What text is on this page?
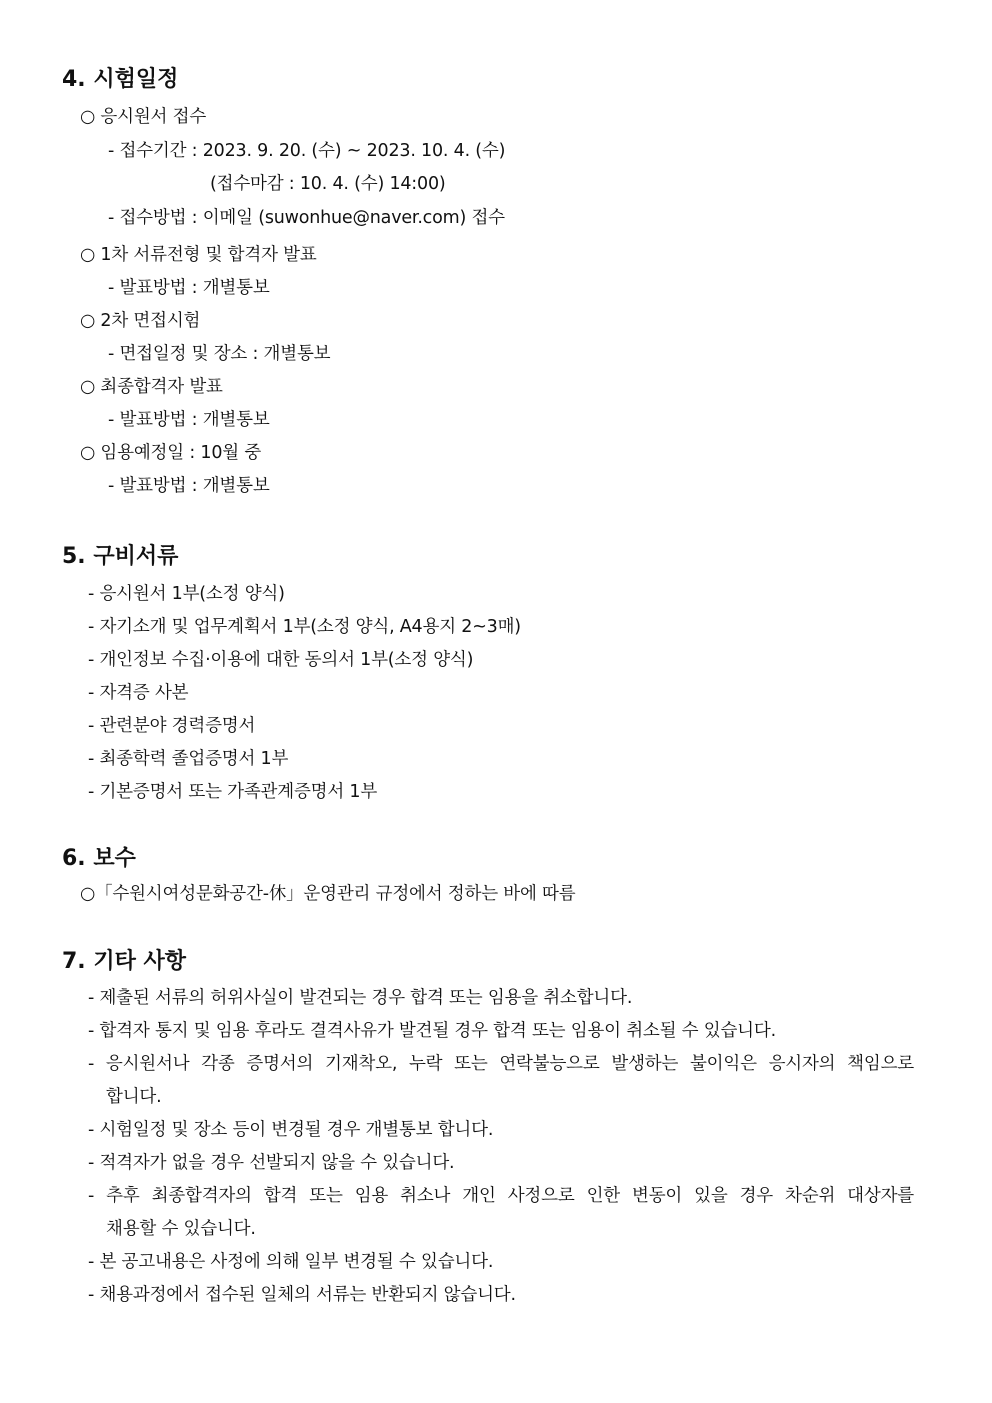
4. 시험일정
○ 응시원서 접수
- 접수기간 : 2023. 9. 20. (수) ~ 2023. 10. 4. (수)
(접수마감 : 10. 4. (수) 14:00)
- 접수방법 : 이메일 (suwonhue@naver.com) 접수
○ 1차 서류전형 및 합격자 발표
- 발표방법 : 개별통보
○ 2차 면접시험
- 면접일정 및 장소 : 개별통보
○ 최종합격자 발표
- 발표방법 : 개별통보
○ 임용예정일 : 10월 중
- 발표방법 : 개별통보
5. 구비서류
- 응시원서 1부(소정 양식)
- 자기소개 및 업무계획서 1부(소정 양식, A4용지 2~3매)
- 개인정보 수집·이용에 대한 동의서 1부(소정 양식)
- 자격증 사본
- 관련분야 경력증명서
- 최종학력 졸업증명서 1부
- 기본증명서 또는 가족관계증명서 1부
6. 보수
○「수원시여성문화공간-休」운영관리 규정에서 정하는 바에 따름
7. 기타 사항
- 제출된 서류의 허위사실이 발견되는 경우 합격 또는 임용을 취소합니다.
- 합격자 통지 및 임용 후라도 결격사유가 발견될 경우 합격 또는 임용이 취소될 수 있습니다.
- 응시원서나 각종 증명서의 기재착오, 누락 또는 연락불능으로 발생하는 불이익은 응시자의 책임으로
합니다.
- 시험일정 및 장소 등이 변경될 경우 개별통보 합니다.
- 적격자가 없을 경우 선발되지 않을 수 있습니다.
- 추후 최종합격자의 합격 또는 임용 취소나 개인 사정으로 인한 변동이 있을 경우 차순위 대상자를
채용할 수 있습니다.
- 본 공고내용은 사정에 의해 일부 변경될 수 있습니다.
- 채용과정에서 접수된 일체의 서류는 반환되지 않습니다.
